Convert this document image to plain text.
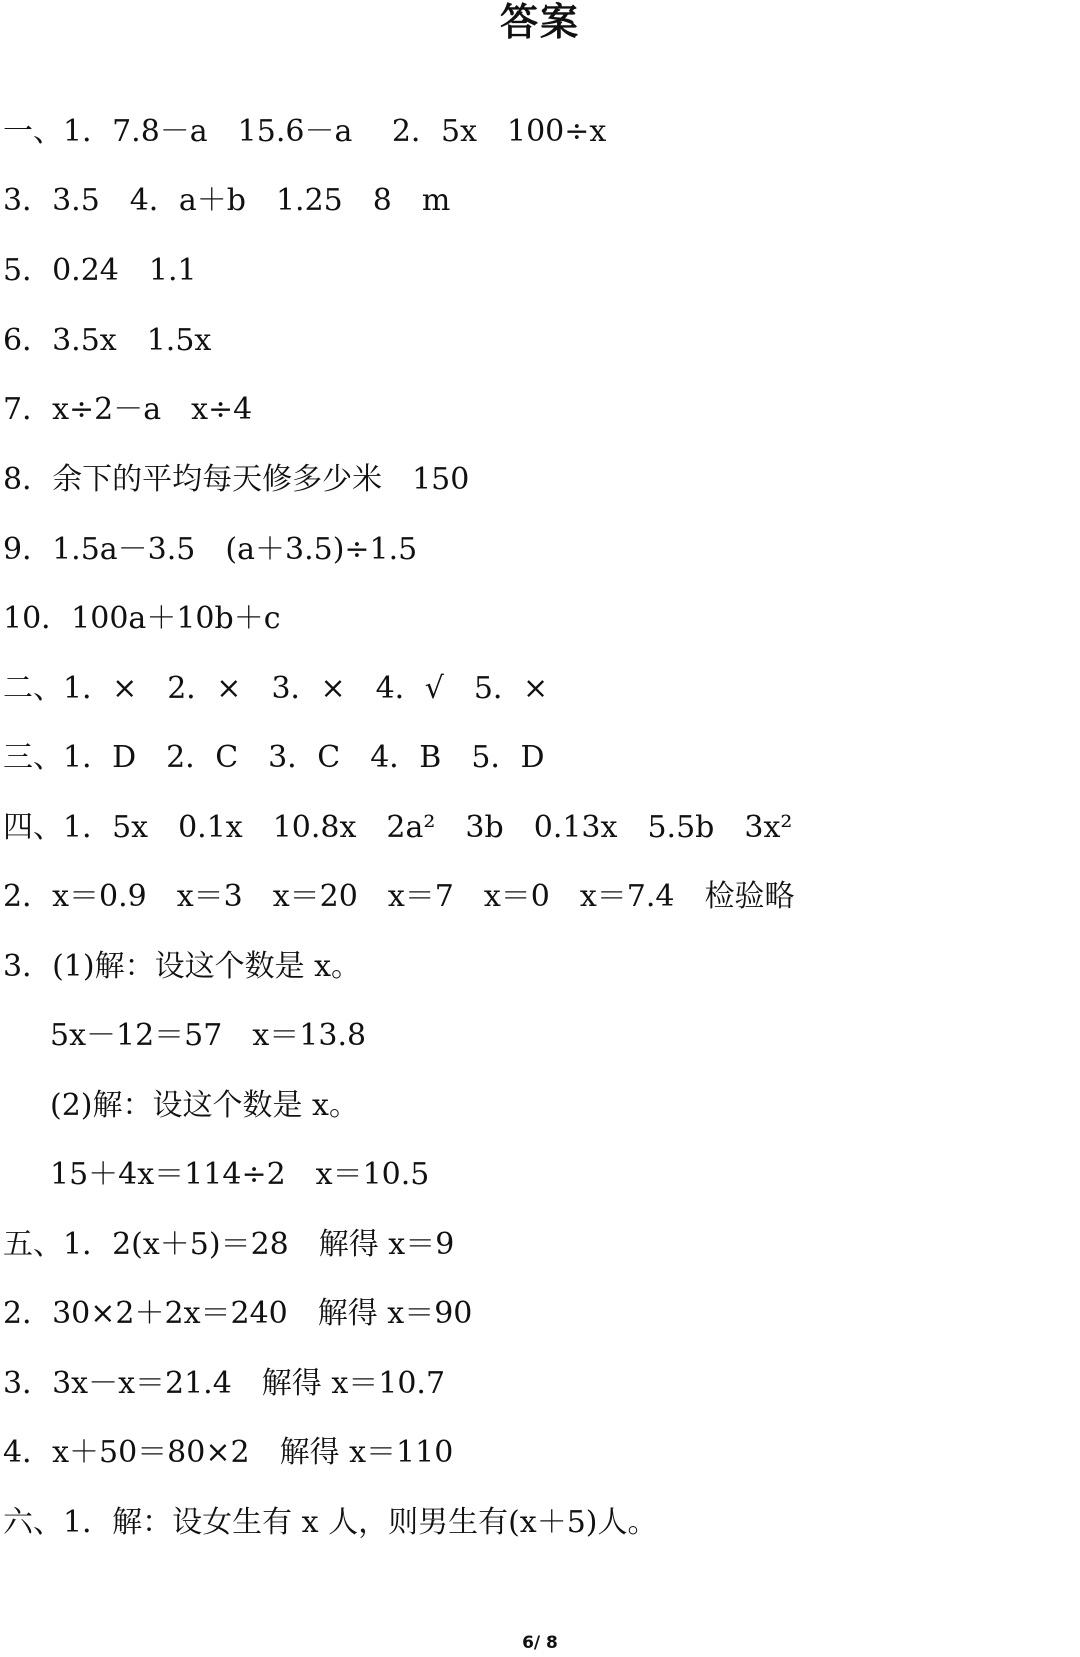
答案
一、1．7.8－a　15.6－a　 2．5x　100÷x
3．3.5　4．a＋b　1.25　8　m
5．0.24　1.1
6．3.5x　1.5x
7．x÷2－a　x÷4
8．余下的平均每天修多少米　150
9．1.5a－3.5　(a＋3.5)÷1.5
10．100a＋10b＋c
二、1．×　2．×　3．×　4．√　5．×
三、1．D　2．C　3．C　4．B　5．D
四、1．5x　0.1x　10.8x　2a²　3b　0.13x　5.5b　3x²
2．x＝0.9　x＝3　x＝20　x＝7　x＝0　x＝7.4　检验略
3．(1)解：设这个数是 x。
5x－12＝57　x＝13.8
(2)解：设这个数是 x。
15＋4x＝114÷2　x＝10.5
五、1．2(x＋5)＝28　解得 x＝9
2．30×2＋2x＝240　解得 x＝90
3．3x－x＝21.4　解得 x＝10.7
4．x＋50＝80×2　解得 x＝110
六、1．解：设女生有 x 人，则男生有(x＋5)人。
6/ 8
